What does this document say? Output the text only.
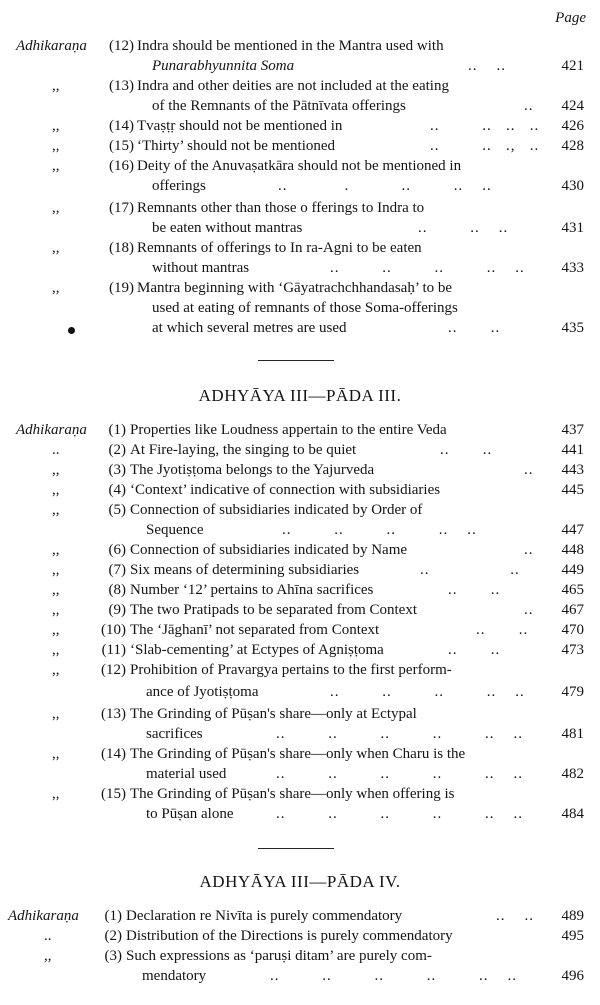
Page
Adhikaraṇa	(12) Indra should be mentioned in the Mantra used with
Punarabhyunnita Soma	..    ..	421
,,	(13) Indra and other deities are not included at the eating
of the Remnants of the Pātnīvata offerings	.. 424
,,	(14) Tvaṣṭṛ should not be mentioned in	..         ..   ..   .. 426
,,	(15) ‘Thirty’ should not be mentioned	..         ..   .,   .. 428
,,	(16) Deity of the Anuvaṣatkāra should not be mentioned in
offerings	..            .           ..         ..    ..	430
,,	(17) Remnants other than those o fferings to Indra to
be eaten without mantras	..         ..    ..	431
,,	(18) Remnants of offerings to In ra-Agni to be eaten
without mantras	..         ..         ..         ..    .. 433
,,	(19) Mantra beginning with ‘Gāyatrachchhandasaḥ’ to be
used at eating of remnants of those Soma-offerings
at which several metres are used	..       ..	435
ADHYĀYA III—PĀDA III.
Adhikaraṇa	(1) Properties like Loudness appertain to the entire Veda	437
..	(2) At Fire-laying, the singing to be quiet	..       ..	441
,,	(3) The Jyotiṣṭoma belongs to the Yajurveda	.. 443
,,	(4) ‘Context’ indicative of connection with subsidiaries	445
,,	(5) Connection of subsidiaries indicated by Order of
Sequence	..         ..         ..         ..    ..	447
,,	(6) Connection of subsidiaries indicated by Name	.. 448
,,	(7) Six means of determining subsidiaries	..                 ..	449
,,	(8) Number ‘12’ pertains to Ahīna sacrifices	..       ..	465
,,	(9) The two Pratipads to be separated from Context	.. 467
,,	(10) The ‘Jāghanī’ not separated from Context	..       .. 470
,,	(11) ‘Slab-cementing’ at Ectypes of Agniṣṭoma	..       ..	473
,,	(12) Prohibition of Pravargya pertains to the first perform-
ance of Jyotiṣṭoma	..         ..         ..         ..    .. 479
,,	(13) The Grinding of Pūṣan's share—only at Ectypal
sacrifices	..         ..         ..         ..         ..    ..	481
,,	(14) The Grinding of Pūṣan's share—only when Charu is the
material used	..         ..         ..         ..         ..    ..	482
,,	(15) The Grinding of Pūṣan's share—only when offering is
to Pūṣan alone	..         ..         ..         ..         ..    ..	484
ADHYĀYA III—PĀDA IV.
Adhikaraṇa	(1) Declaration re Nivīta is purely commendatory	..    .. 489
..	(2) Distribution of the Directions is purely commendatory	495
,,	(3) Such expressions as ‘paruṣi ditam’ are purely com-
mendatory	..         ..         ..         ..         ..    ..	496
